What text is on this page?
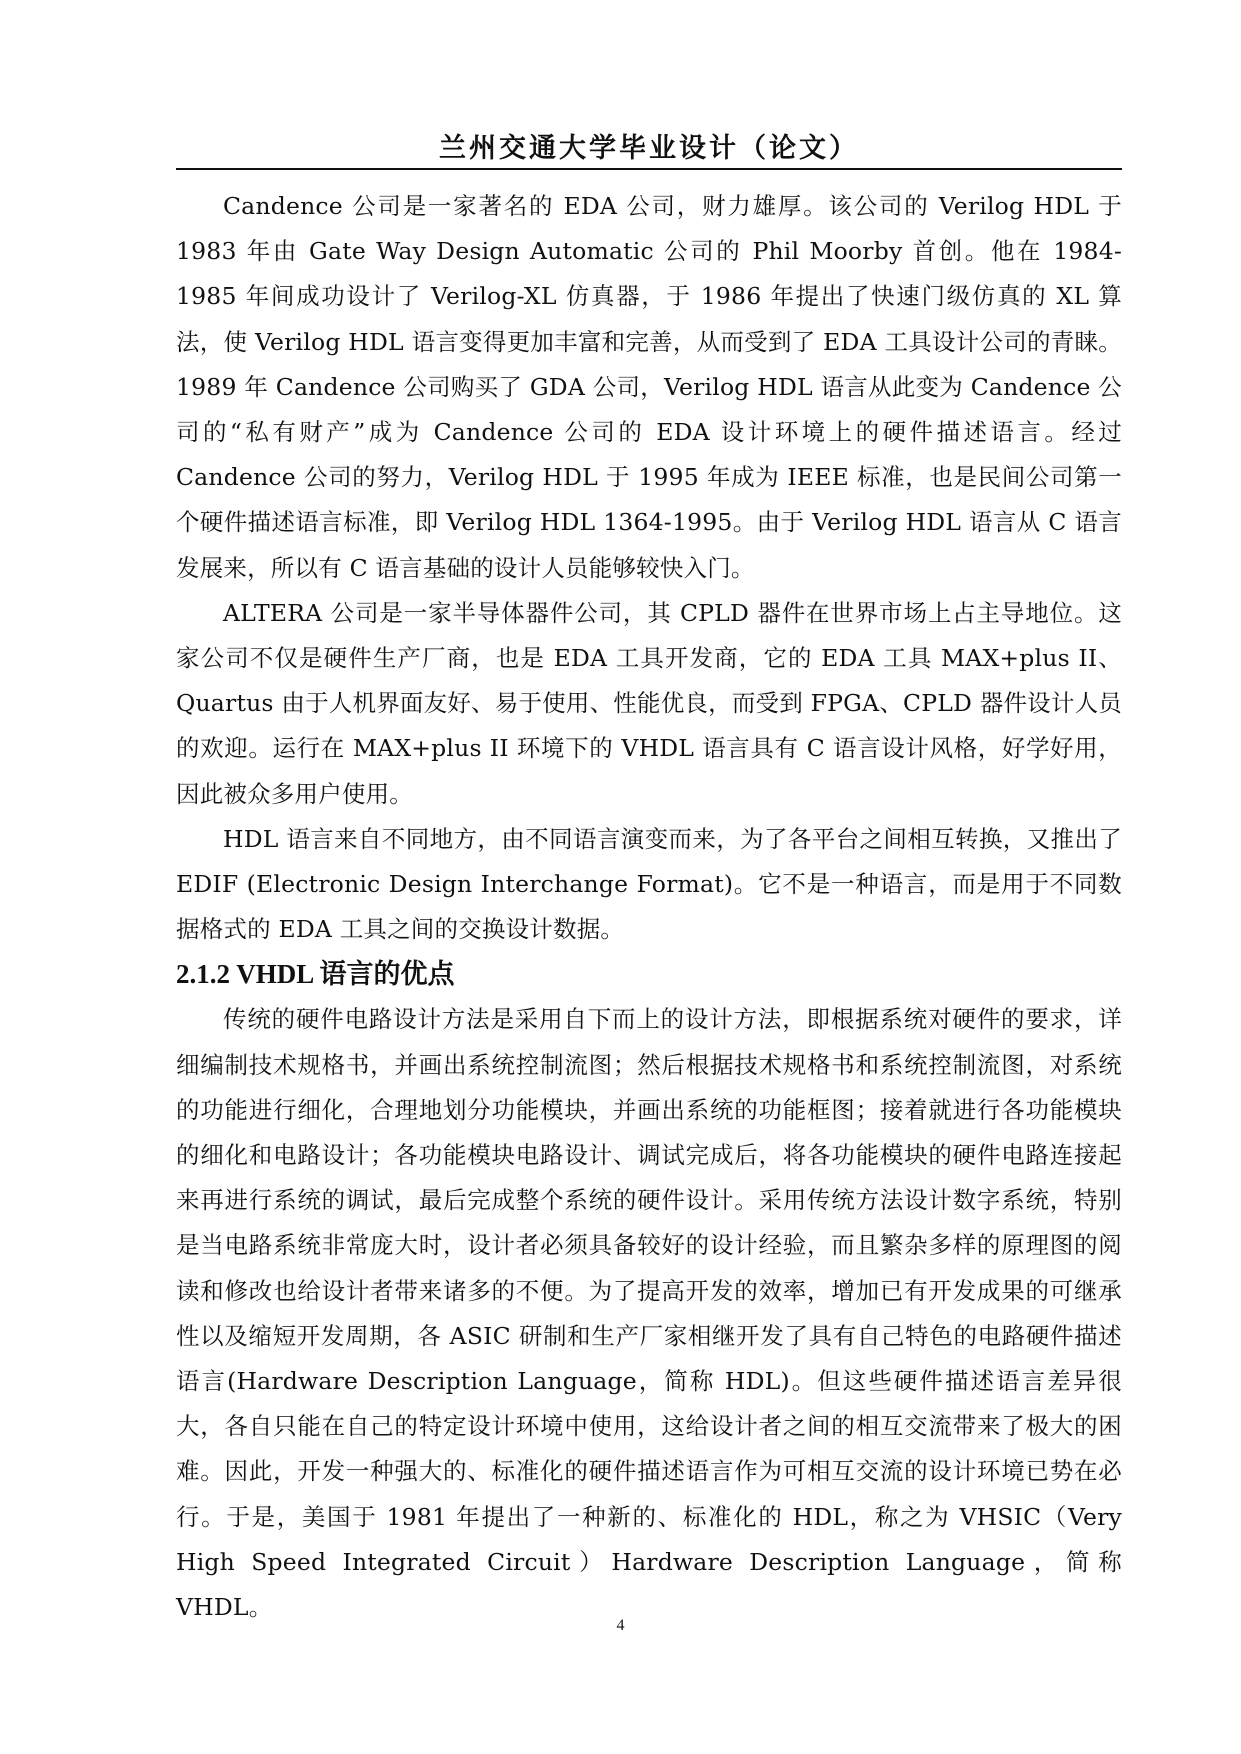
兰州交通大学毕业设计（论文）

Candence 公司是一家著名的 EDA 公司，财力雄厚。该公司的 Verilog HDL 于 1983 年由 Gate Way Design Automatic 公司的 Phil Moorby 首创。他在 1984-1985 年间成功设计了 Verilog-XL 仿真器，于 1986 年提出了快速门级仿真的 XL 算法，使 Verilog HDL 语言变得更加丰富和完善，从而受到了 EDA 工具设计公司的青睐。1989 年 Candence 公司购买了 GDA 公司，Verilog HDL 语言从此变为 Candence 公司的“私有财产”成为 Candence 公司的 EDA 设计环境上的硬件描述语言。经过 Candence 公司的努力，Verilog HDL 于 1995 年成为 IEEE 标准，也是民间公司第一个硬件描述语言标准，即 Verilog HDL 1364-1995。由于 Verilog HDL 语言从 C 语言发展来，所以有 C 语言基础的设计人员能够较快入门。

ALTERA 公司是一家半导体器件公司，其 CPLD 器件在世界市场上占主导地位。这家公司不仅是硬件生产厂商，也是 EDA 工具开发商，它的 EDA 工具 MAX+plus II、Quartus 由于人机界面友好、易于使用、性能优良，而受到 FPGA、CPLD 器件设计人员的欢迎。运行在 MAX+plus II 环境下的 VHDL 语言具有 C 语言设计风格，好学好用，因此被众多用户使用。

HDL 语言来自不同地方，由不同语言演变而来，为了各平台之间相互转换，又推出了 EDIF (Electronic Design Interchange Format)。它不是一种语言，而是用于不同数据格式的 EDA 工具之间的交换设计数据。

2.1.2 VHDL 语言的优点

传统的硬件电路设计方法是采用自下而上的设计方法，即根据系统对硬件的要求，详细编制技术规格书，并画出系统控制流图；然后根据技术规格书和系统控制流图，对系统的功能进行细化，合理地划分功能模块，并画出系统的功能框图；接着就进行各功能模块的细化和电路设计；各功能模块电路设计、调试完成后，将各功能模块的硬件电路连接起来再进行系统的调试，最后完成整个系统的硬件设计。采用传统方法设计数字系统，特别是当电路系统非常庞大时，设计者必须具备较好的设计经验，而且繁杂多样的原理图的阅读和修改也给设计者带来诸多的不便。为了提高开发的效率，增加已有开发成果的可继承性以及缩短开发周期，各 ASIC 研制和生产厂家相继开发了具有自己特色的电路硬件描述语言(Hardware Description Language，简称 HDL)。但这些硬件描述语言差异很大，各自只能在自己的特定设计环境中使用，这给设计者之间的相互交流带来了极大的困难。因此，开发一种强大的、标准化的硬件描述语言作为可相互交流的设计环境已势在必行。于是，美国于 1981 年提出了一种新的、标准化的 HDL，称之为 VHSIC（Very High Speed Integrated Circuit）Hardware Description Language，简称 VHDL。

4
